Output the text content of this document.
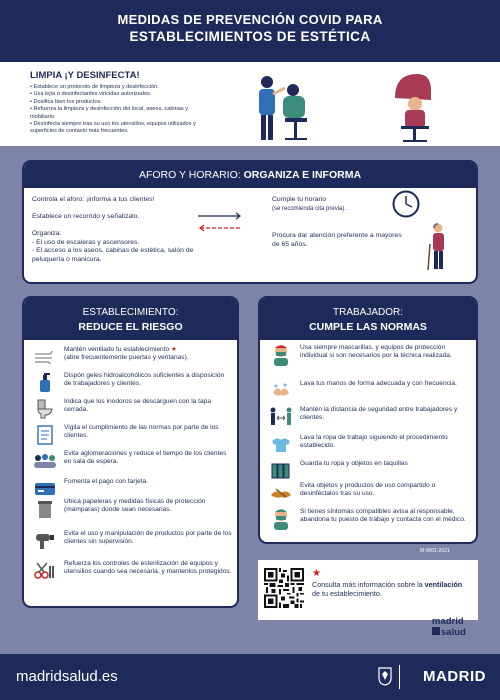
MEDIDAS DE PREVENCIÓN COVID PARA
ESTABLECIMIENTOS DE ESTÉTICA
LIMPIA ¡Y DESINFECTA!
• Establece un protocolo de limpieza y desinfección.
• Usa lejía o desinfectantes viricidas autorizados.
• Dosifica bien los productos.
• Refuerza la limpieza y desinfección del local, aseos, cabinas y mobiliario.
• Desinfecta siempre tras su uso los utensilios, equipos utilizados y superficies de contacto más frecuentes.
AFORO Y HORARIO: ORGANIZA E INFORMA
Controla el aforo: ¡informa a tus clientes!
Establece un recorrido y señalizalo.
Organiza:
- El uso de escaleras y ascensores.
- El acceso a los aseos, cabinas de estética, salón de peluquería o manicura.
Cumple tu horario
(se recomienda cita previa).
Procura dar atención preferente a mayores de 65 años.
ESTABLECIMIENTO:
REDUCE EL RIESGO
Mantén ventilado tu establecimiento ★
(abre frecuentemente puertas y ventanas).
Dispón geles hidroalcohólicos suficientes a disposición de trabajadores y clientes.
Indica que los inodoros se descarguen con la tapa cerrada.
Vigila el cumplimiento de las normas por parte de los clientes.
Evita aglomeraciones y reduce el tiempo de los clientes en sala de espera.
Fomenta el pago con tarjeta.
Ubica papeleras y medidas físicas de protección (mamparas) donde sean necesarias.
Evita el uso y manipulación de productos por parte de los clientes sin supervisión.
Refuerza los controles de esterilización de equipos y utensilios cuando sea necesaria, y mantenlos protegidos.
TRABAJADOR:
CUMPLE LAS NORMAS
Usa siempre mascarillas, y equipos de protección individual si son necesarios por la técnica realizada.
Lava tus manos de forma adecuada y con frecuencia.
Mantén la distancia de seguridad entre trabajadores y clientes.
Lava la ropa de trabajo siguiendo el procedimiento establecido.
Guarda tu ropa y objetos en taquillas
Evita objetos y productos de uso compartido o desinféctalos tras su uso.
Si tienes síntomas compatibles avisa al responsable, abandona tu puesto de trabajo y contacta con el médico.
M-9001-2021
★
Consulta más información sobre la ventilación de tu establecimiento.
madrid
salud
madridsalud.es	MADRID
